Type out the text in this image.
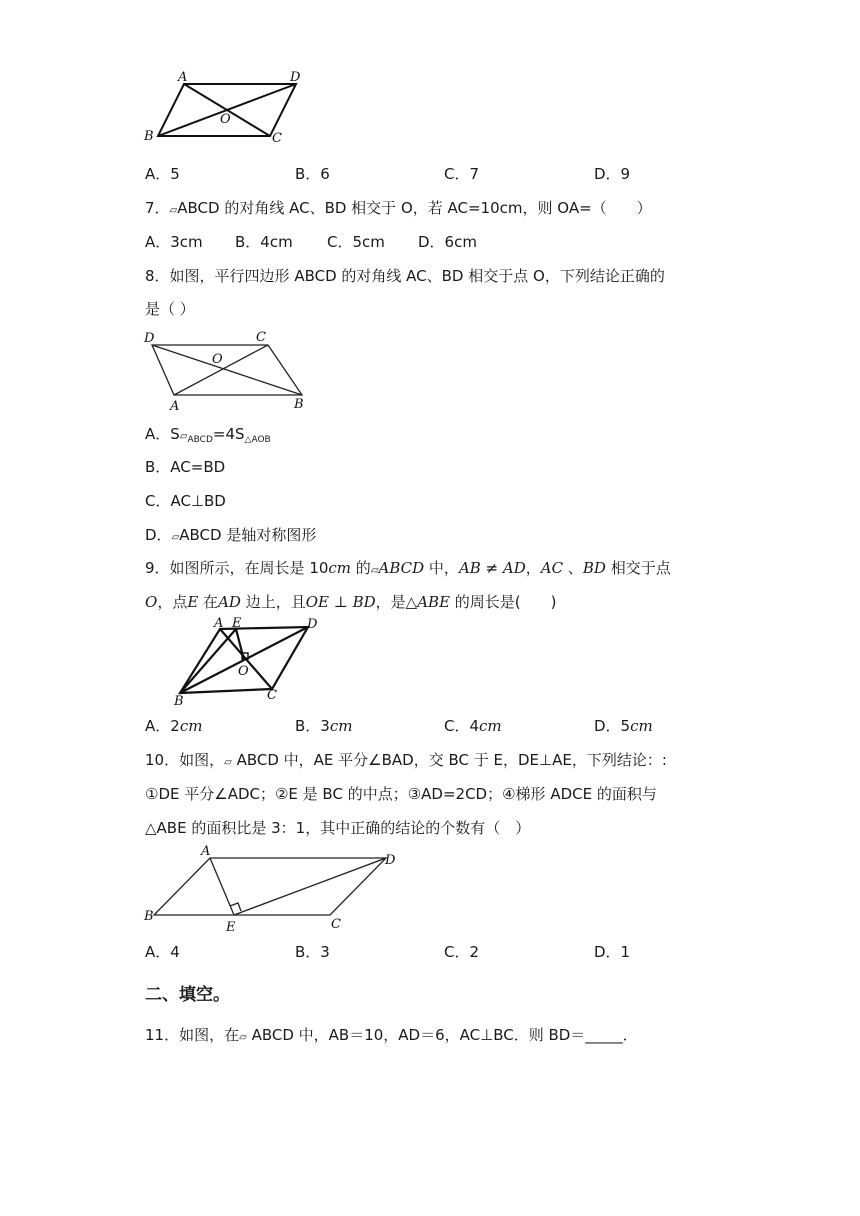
A	D
O
B	C
A．5	B．6	C．7	D．9
7．▱ABCD 的对角线 AC、BD 相交于 O，若 AC=10cm，则 OA=（　　）
A．3cm B．4cm C．5cm D．6cm
8．如图，平行四边形 ABCD 的对角线 AC、BD 相交于点 O，下列结论正确的
是（ ）
D	C
O
A	B
A．$S▱_{ABCD}=4S_{\triangle AOB}$
B．AC=BD
C．AC⊥BD
D．▱ABCD 是轴对称图形
9．如图所示，在周长是 10cm 的▱ABCD 中，AB ≠ AD，AC 、BD 相交于点
O，点E 在AD 边上，且OE ⊥ BD，是△ABE 的周长是(　　)
A E	D
O
B	C
A．2cm	B．3cm	C．4cm	D．5cm
10．如图，▱ ABCD 中，AE 平分∠BAD，交 BC 于 E，DE⊥AE，下列结论：:
①DE 平分∠ADC；②E 是 BC 的中点；③AD=2CD；④梯形 ADCE 的面积与
△ABE 的面积比是 3：1，其中正确的结论的个数有（　）
A
D
B
E	C
A．4	B．3	C．2	D．1
二、填空。
11．如图，在▱ ABCD 中，AB＝10，AD＝6，AC⊥BC．则 BD＝_____．
